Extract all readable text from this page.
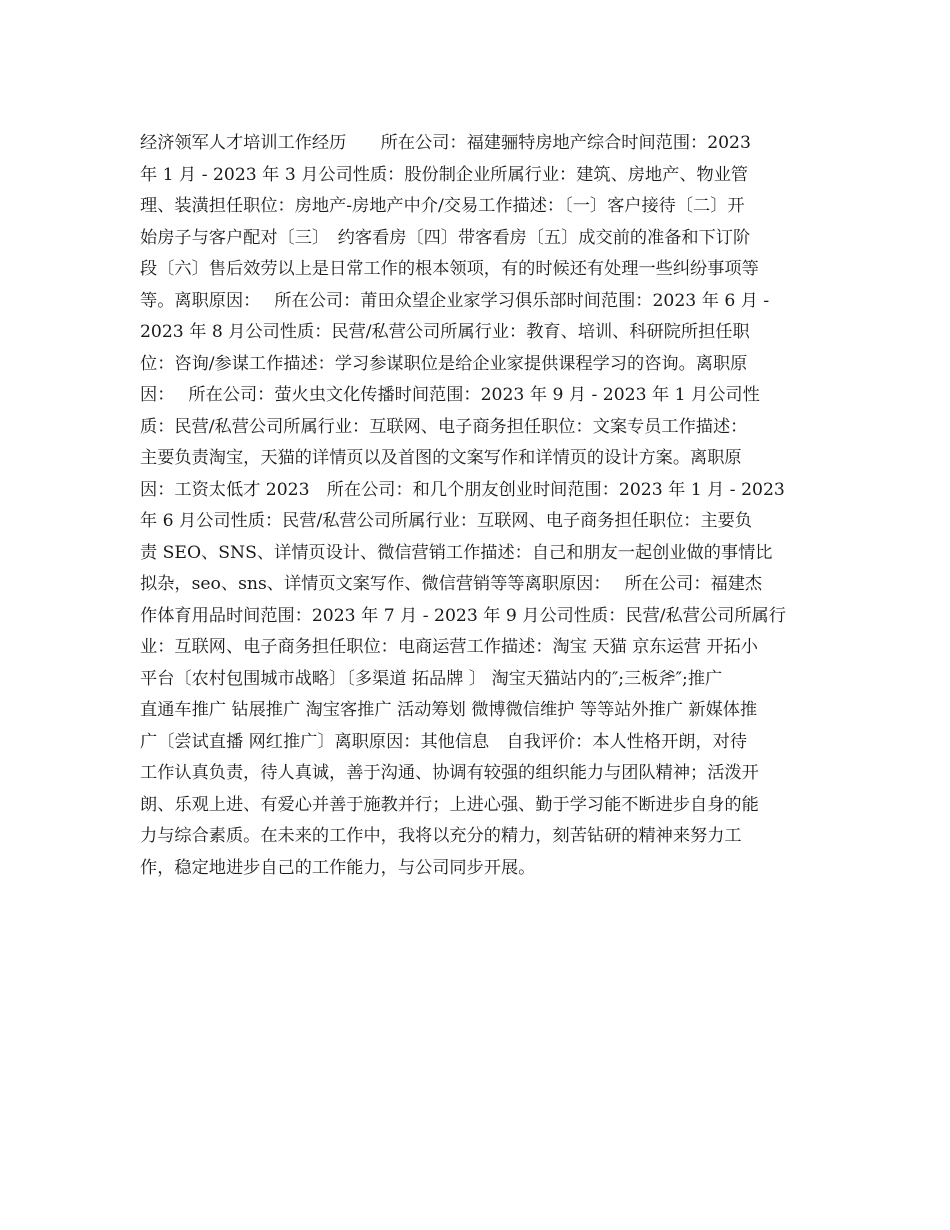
经济领军人才培训工作经历　　所在公司：福建骊特房地产综合时间范围：2023
年 1 月 - 2023 年 3 月公司性质：股份制企业所属行业：建筑、房地产、物业管
理、装潢担任职位：房地产-房地产中介/交易工作描述：〔一〕客户接待〔二〕开
始房子与客户配对〔三〕　约客看房〔四〕带客看房〔五〕成交前的准备和下订阶
段〔六〕售后效劳以上是日常工作的根本领项，有的时候还有处理一些纠纷事项等
等。离职原因：　 所在公司：莆田众望企业家学习俱乐部时间范围：2023 年 6 月 -
2023 年 8 月公司性质：民营/私营公司所属行业：教育、培训、科研院所担任职
位：咨询/参谋工作描述：学习参谋职位是给企业家提供课程学习的咨询。离职原
因：　 所在公司：萤火虫文化传播时间范围：2023 年 9 月 - 2023 年 1 月公司性
质：民营/私营公司所属行业：互联网、电子商务担任职位：文案专员工作描述：
主要负责淘宝，天猫的详情页以及首图的文案写作和详情页的设计方案。离职原
因：工资太低才 2023　所在公司：和几个朋友创业时间范围：2023 年 1 月 - 2023
年 6 月公司性质：民营/私营公司所属行业：互联网、电子商务担任职位：主要负
责 SEO、SNS、详情页设计、微信营销工作描述：自己和朋友一起创业做的事情比
拟杂，seo、sns、详情页文案写作、微信营销等等离职原因：　 所在公司：福建杰
作体育用品时间范围：2023 年 7 月 - 2023 年 9 月公司性质：民营/私营公司所属行
业：互联网、电子商务担任职位：电商运营工作描述：淘宝 天猫 京东运营 开拓小
平台〔农村包围城市战略〕〔多渠道 拓品牌 〕 淘宝天猫站内的″;三板斧″;推广
直通车推广 钻展推广 淘宝客推广 活动筹划 微博微信维护 等等站外推广 新媒体推
广〔尝试直播 网红推广〕离职原因：其他信息　自我评价：本人性格开朗，对待
工作认真负责，待人真诚，善于沟通、协调有较强的组织能力与团队精神；活泼开
朗、乐观上进、有爱心并善于施教并行；上进心强、勤于学习能不断进步自身的能
力与综合素质。在未来的工作中，我将以充分的精力，刻苦钻研的精神来努力工
作，稳定地进步自己的工作能力，与公司同步开展。
